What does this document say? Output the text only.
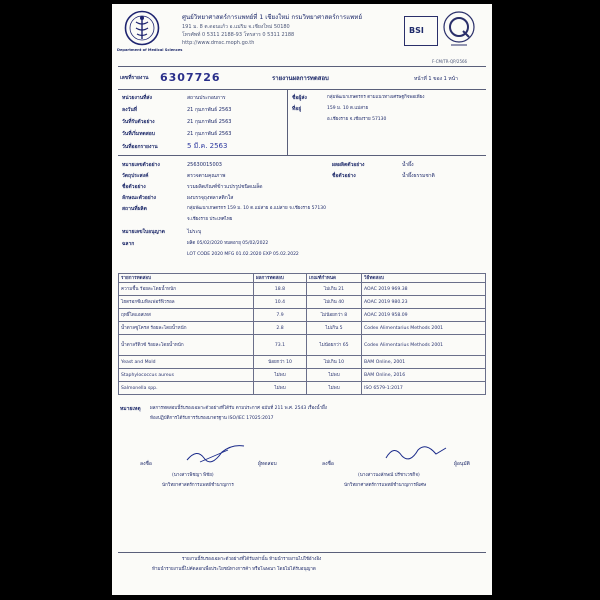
Department of Medical Sciences
ศูนย์วิทยาศาสตร์การแพทย์ที่ 1 เชียงใหม่ กรมวิทยาศาสตร์การแพทย์
191 ม. 8 ต.ดอนแก้ว อ.แม่ริม จ.เชียงใหม่ 50180
โทรศัพท์ 0 5311 2188-93 โทรสาร 0 5311 2188
http://www.dmsc.moph.go.th
BSI
F-CM/TR-QP/2566
เลขที่รายงาน 6307726	รายงานผลการทดสอบ	หน้าที่ 1 ของ 1 หน้า
หน่วยงานที่ส่ง	สถานประกอบการ
ลงวันที่	21 กุมภาพันธ์ 2563
วันที่รับตัวอย่าง	21 กุมภาพันธ์ 2563
วันที่เริ่มทดสอบ	21 กุมภาพันธ์ 2563
วันที่ออกรายงาน	5 มี.ค. 2563
ชื่อผู้ส่ง	กลุ่มพัฒนาเกษตรกร ตามแนวทางเศรษฐกิจพอเพียง
ที่อยู่	159 ม. 10 ต.แม่สาย
อ.เชียงราย จ.เชียงราย 57130
หมายเลขตัวอย่าง	25630015003
วัตถุประสงค์	ตรวจตามคุณภาพ
ชื่อตัวอย่าง	รวมผลิตภัณฑ์ข้าวแปรรูปชนิดเมล็ด
ลักษณะตัวอย่าง	ผงบรรจุถุงพลาสติกใส
สถานที่ผลิต	กลุ่มพัฒนาเกษตรกร 159 ม. 10 ต.แม่สาย อ.แม่สาย จ.เชียงราย 57130
จ.เชียงราย ประเทศไทย
หมายเลขใบอนุญาต	ไม่ระบุ
ฉลาก	ผลิต 05/02/2020 หมดอายุ 05/02/2022
LOT CODE 2020 MFG 01.02.2020 EXP 05.02.2022
ผลผลิตตัวอย่าง	น้ำผึ้ง
ชื่อตัวอย่าง	น้ำผึ้งธรรมชาติ
รายการทดสอบ	ผลการทดสอบ	เกณฑ์กำหนด	วิธีทดสอบ
ความชื้น ร้อยละโดยน้ำหนัก	18.8	ไม่เกิน 21	AOAC 2019 969.38
ไฮดรอกซีเมทิลเฟอร์ฟิวรอล	10.4	ไม่เกิน 40	AOAC 2019 980.23
ฤทธิ์ไดแอสเทส	7.9	ไม่น้อยกว่า 8	AOAC 2019 958.09
น้ำตาลซูโครส ร้อยละโดยน้ำหนัก	2.8	ไม่เกิน 5	Codex Alimentarius Methods 2001
น้ำตาลรีดิวซ์ ร้อยละโดยน้ำหนัก	73.1	ไม่น้อยกว่า 65	Codex Alimentarius Methods 2001
Yeast and Mold	น้อยกว่า 10	ไม่เกิน 10	BAM Online, 2001
Staphylococcus aureus	ไม่พบ	ไม่พบ	BAM Online, 2016
Salmonella spp.	ไม่พบ	ไม่พบ	ISO 6579-1:2017
หมายเหตุ ผลการทดสอบนี้รับรองเฉพาะตัวอย่างที่ได้รับ ตามประกาศ ฉบับที่ 211 พ.ศ. 2543 เรื่องน้ำผึ้ง
ห้องปฏิบัติการได้รับการรับรองมาตรฐาน ISO/IEC 17025:2017
ลงชื่อ	ผู้ทดสอบ
(นางสาวพิชญา พิชัย)
นักวิทยาศาสตร์การแพทย์ชำนาญการ
ลงชื่อ	ผู้อนุมัติ
(นางสาวนงลักษณ์ ปรีชาเวชกิจ)
นักวิทยาศาสตร์การแพทย์ชำนาญการพิเศษ
รายงานนี้รับรองเฉพาะตัวอย่างที่ได้รับเท่านั้น ห้ามนำรายงานไปใช้อ้างอิง
ห้ามนำรายงานนี้ไปคัดลอกเพื่อประโยชน์ทางการค้า หรือโฆษณา โดยไม่ได้รับอนุญาต
